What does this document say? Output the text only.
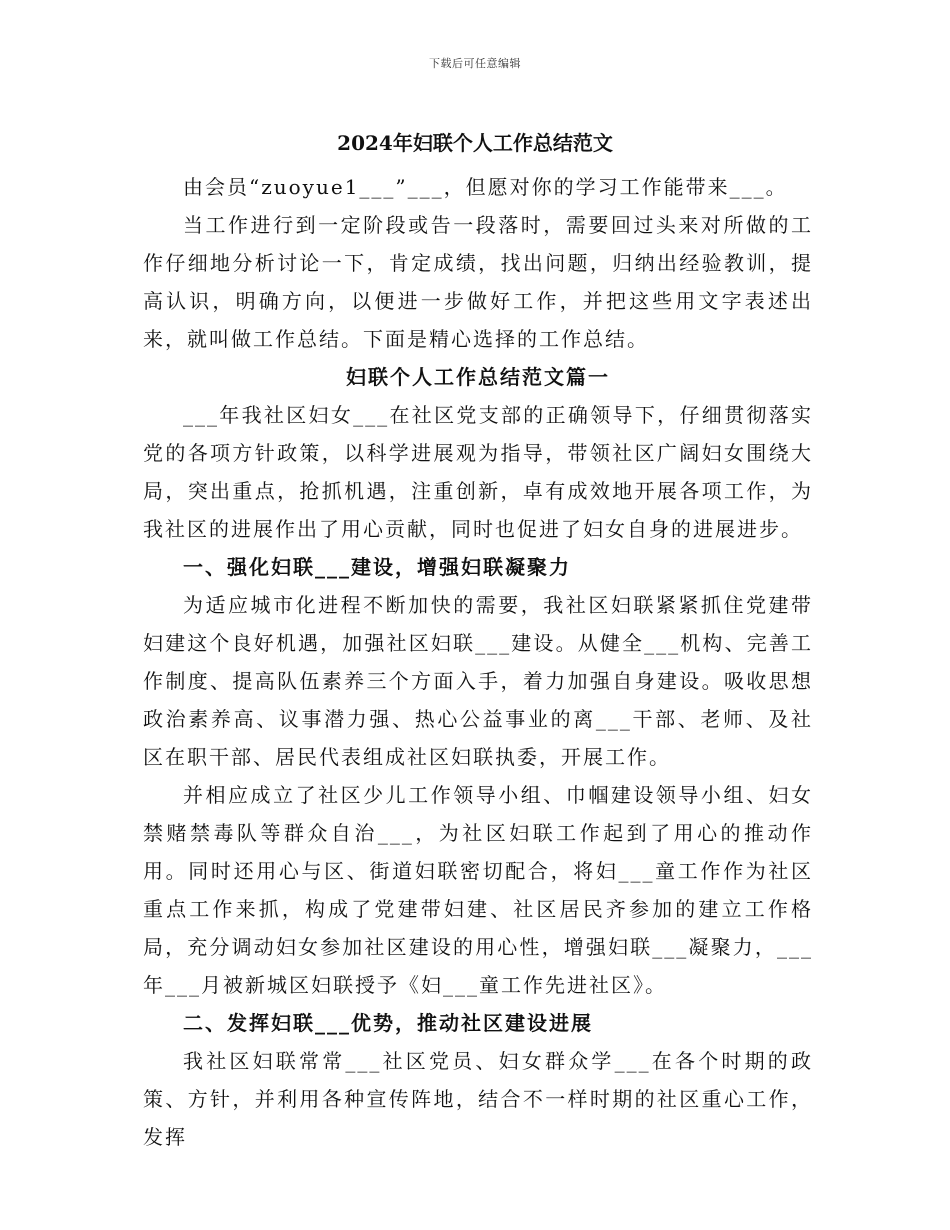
下载后可任意编辑
2024年妇联个人工作总结范文

由会员“zuoyue1___”___，但愿对你的学习工作能带来___。

当工作进行到一定阶段或告一段落时，需要回过头来对所做的工作仔细地分析讨论一下，肯定成绩，找出问题，归纳出经验教训，提高认识，明确方向，以便进一步做好工作，并把这些用文字表述出来，就叫做工作总结。下面是精心选择的工作总结。

妇联个人工作总结范文篇一

___年我社区妇女___在社区党支部的正确领导下，仔细贯彻落实党的各项方针政策，以科学进展观为指导，带领社区广阔妇女围绕大局，突出重点，抢抓机遇，注重创新，卓有成效地开展各项工作，为我社区的进展作出了用心贡献，同时也促进了妇女自身的进展进步。

一、强化妇联___建设，增强妇联凝聚力

为适应城市化进程不断加快的需要，我社区妇联紧紧抓住党建带妇建这个良好机遇，加强社区妇联___建设。从健全___机构、完善工作制度、提高队伍素养三个方面入手，着力加强自身建设。吸收思想政治素养高、议事潜力强、热心公益事业的离___干部、老师、及社区在职干部、居民代表组成社区妇联执委，开展工作。

并相应成立了社区少儿工作领导小组、巾帼建设领导小组、妇女禁赌禁毒队等群众自治___，为社区妇联工作起到了用心的推动作用。同时还用心与区、街道妇联密切配合，将妇___童工作作为社区重点工作来抓，构成了党建带妇建、社区居民齐参加的建立工作格局，充分调动妇女参加社区建设的用心性，增强妇联___凝聚力，___年___月被新城区妇联授予《妇___童工作先进社区》。

二、发挥妇联___优势，推动社区建设进展

我社区妇联常常___社区党员、妇女群众学___在各个时期的政策、方针，并利用各种宣传阵地，结合不一样时期的社区重心工作，发挥
